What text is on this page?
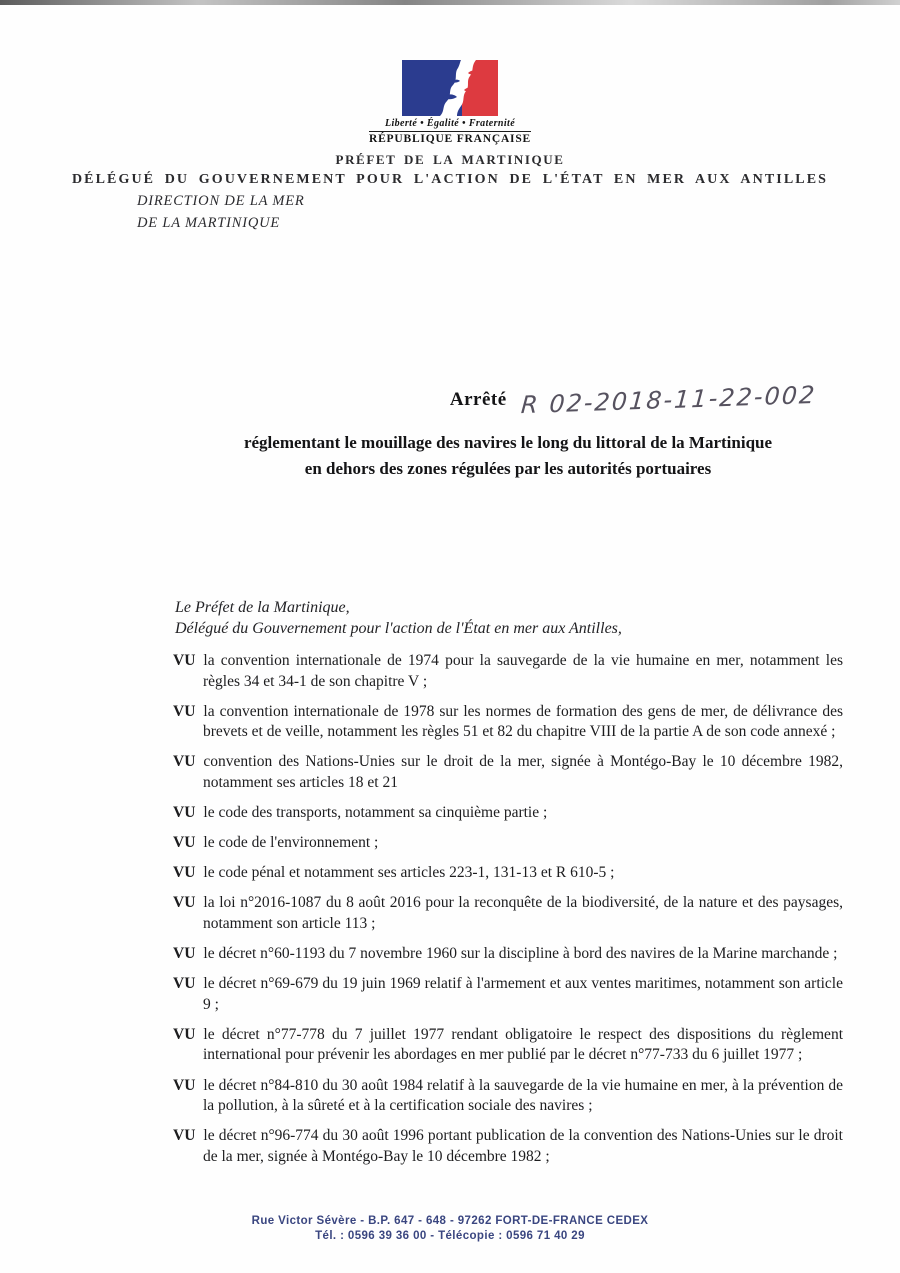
Liberté • Égalité • Fraternité
RÉPUBLIQUE FRANÇAISE
PRÉFET DE LA MARTINIQUE
DÉLÉGUÉ DU GOUVERNEMENT POUR L'ACTION DE L'ÉTAT EN MER AUX ANTILLES
DIRECTION DE LA MER
DE LA MARTINIQUE
Arrêté R 02-2018-11-22-002
réglementant le mouillage des navires le long du littoral de la Martinique
en dehors des zones régulées par les autorités portuaires
Le Préfet de la Martinique,
Délégué du Gouvernement pour l'action de l'État en mer aux Antilles,

VU la convention internationale de 1974 pour la sauvegarde de la vie humaine en mer, notamment les règles 34 et 34-1 de son chapitre V ;

VU la convention internationale de 1978 sur les normes de formation des gens de mer, de délivrance des brevets et de veille, notamment les règles 51 et 82 du chapitre VIII de la partie A de son code annexé ;

VU convention des Nations-Unies sur le droit de la mer, signée à Montégo-Bay le 10 décembre 1982, notamment ses articles 18 et 21

VU le code des transports, notamment sa cinquième partie ;

VU le code de l'environnement ;

VU le code pénal et notamment ses articles 223-1, 131-13 et R 610-5 ;

VU la loi n°2016-1087 du 8 août 2016 pour la reconquête de la biodiversité, de la nature et des paysages, notamment son article 113 ;

VU le décret n°60-1193 du 7 novembre 1960 sur la discipline à bord des navires de la Marine marchande ;

VU le décret n°69-679 du 19 juin 1969 relatif à l'armement et aux ventes maritimes, notamment son article 9 ;

VU le décret n°77-778 du 7 juillet 1977 rendant obligatoire le respect des dispositions du règlement international pour prévenir les abordages en mer publié par le décret n°77-733 du 6 juillet 1977 ;

VU le décret n°84-810 du 30 août 1984 relatif à la sauvegarde de la vie humaine en mer, à la prévention de la pollution, à la sûreté et à la certification sociale des navires ;

VU le décret n°96-774 du 30 août 1996 portant publication de la convention des Nations-Unies sur le droit de la mer, signée à Montégo-Bay le 10 décembre 1982 ;

Rue Victor Sévère - B.P. 647 - 648 - 97262 FORT-DE-FRANCE CEDEX
Tél. : 0596 39 36 00 - Télécopie : 0596 71 40 29
